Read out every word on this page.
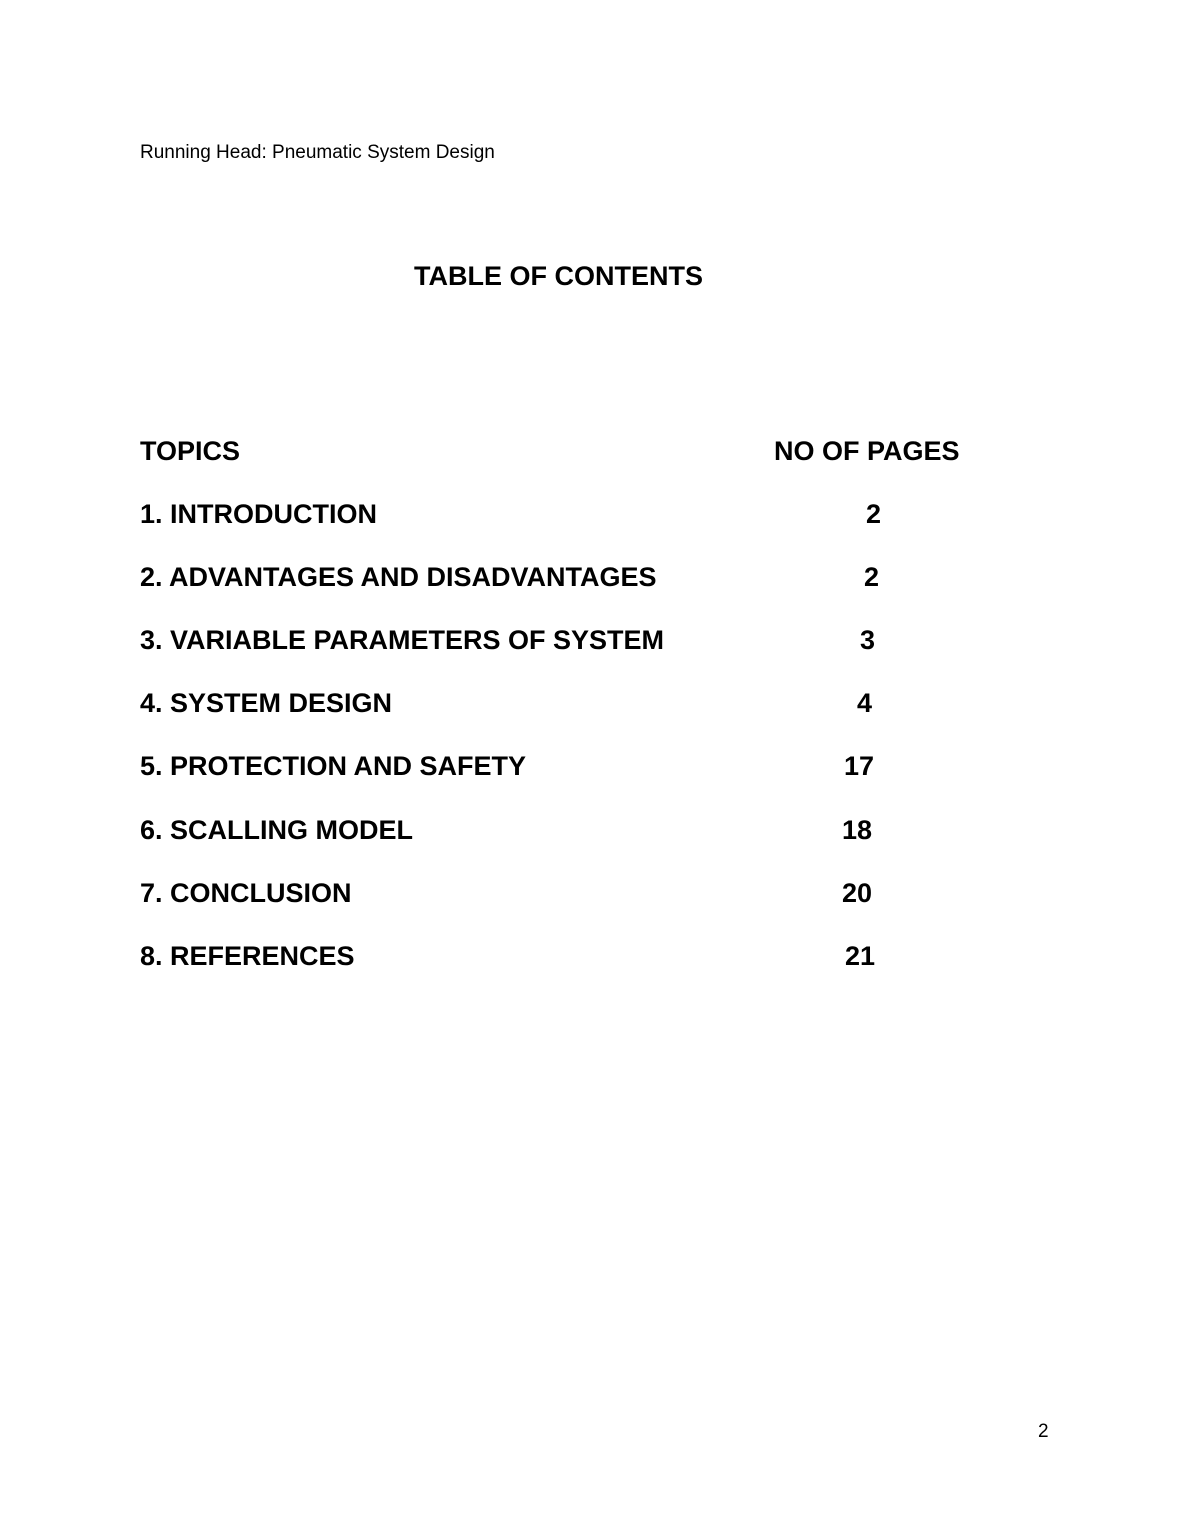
Running Head: Pneumatic System Design
TABLE OF CONTENTS
TOPICS	NO OF PAGES
1. INTRODUCTION	2
2. ADVANTAGES AND DISADVANTAGES	2
3. VARIABLE PARAMETERS OF SYSTEM	3
4. SYSTEM DESIGN	4
5. PROTECTION AND SAFETY	17
6. SCALLING MODEL	18
7. CONCLUSION	20
8. REFERENCES	21
2
